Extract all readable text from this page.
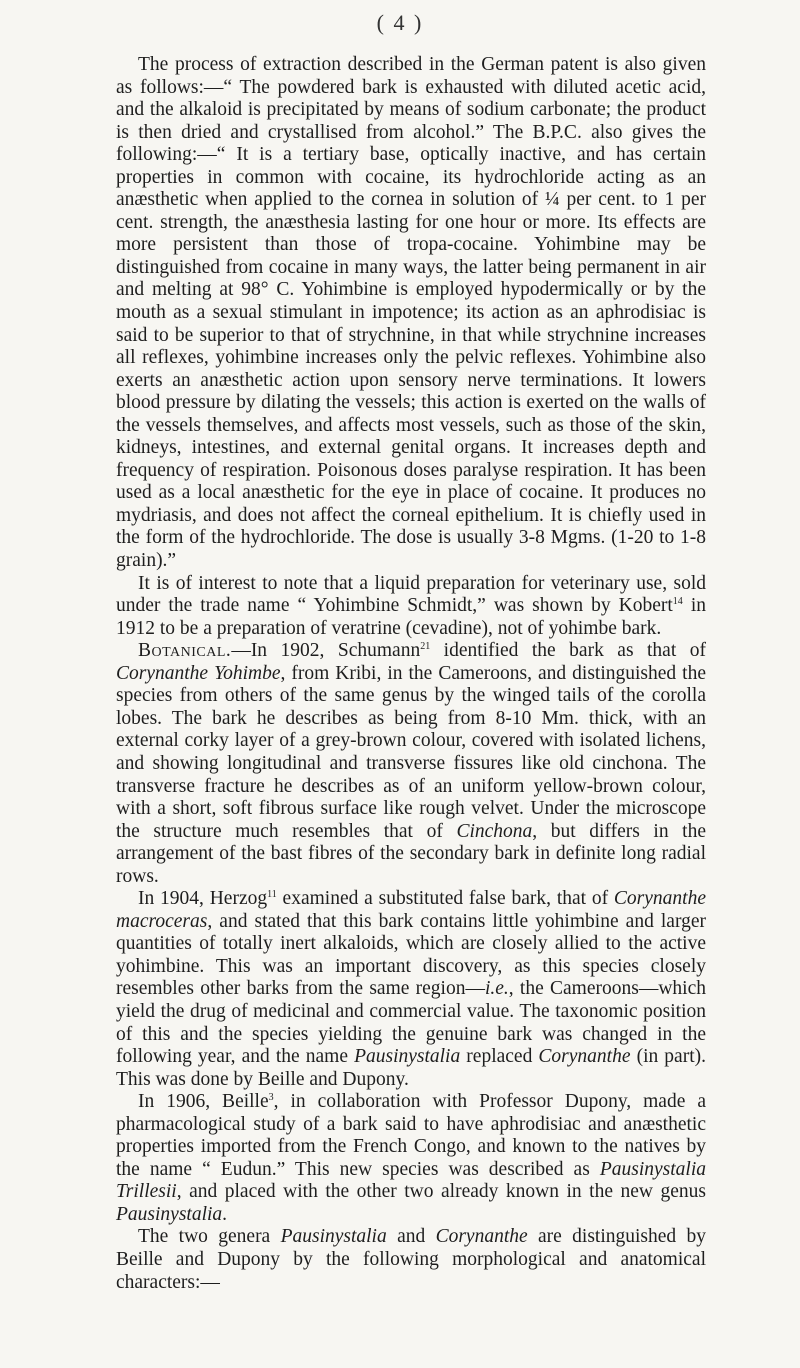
( 4 )

The process of extraction described in the German patent is also given as follows:—“ The powdered bark is exhausted with diluted acetic acid, and the alkaloid is precipitated by means of sodium carbonate; the product is then dried and crystallised from alcohol.” The B.P.C. also gives the following:—“ It is a tertiary base, optically inactive, and has certain properties in common with cocaine, its hydrochloride acting as an anæsthetic when applied to the cornea in solution of ¼ per cent. to 1 per cent. strength, the anæsthesia lasting for one hour or more. Its effects are more persistent than those of tropa-cocaine. Yohimbine may be distinguished from cocaine in many ways, the latter being permanent in air and melting at 98° C. Yohimbine is employed hypodermically or by the mouth as a sexual stimulant in impotence; its action as an aphrodisiac is said to be superior to that of strychnine, in that while strychnine increases all reflexes, yohimbine increases only the pelvic reflexes. Yohimbine also exerts an anæsthetic action upon sensory nerve terminations. It lowers blood pressure by dilating the vessels; this action is exerted on the walls of the vessels themselves, and affects most vessels, such as those of the skin, kidneys, intestines, and external genital organs. It increases depth and frequency of respiration. Poisonous doses paralyse respiration. It has been used as a local anæsthetic for the eye in place of cocaine. It produces no mydriasis, and does not affect the corneal epithelium. It is chiefly used in the form of the hydrochloride. The dose is usually 3-8 Mgms. (1-20 to 1-8 grain).”

It is of interest to note that a liquid preparation for veterinary use, sold under the trade name “ Yohimbine Schmidt,” was shown by Kobert$^{14}$ in 1912 to be a preparation of veratrine (cevadine), not of yohimbe bark.

Botanical.—In 1902, Schumann$^{21}$ identified the bark as that of Corynanthe Yohimbe, from Kribi, in the Cameroons, and distinguished the species from others of the same genus by the winged tails of the corolla lobes. The bark he describes as being from 8-10 Mm. thick, with an external corky layer of a grey-brown colour, covered with isolated lichens, and showing longitudinal and transverse fissures like old cinchona. The transverse fracture he describes as of an uniform yellow-brown colour, with a short, soft fibrous surface like rough velvet. Under the microscope the structure much resembles that of Cinchona, but differs in the arrangement of the bast fibres of the secondary bark in definite long radial rows.

In 1904, Herzog$^{11}$ examined a substituted false bark, that of Corynanthe macroceras, and stated that this bark contains little yohimbine and larger quantities of totally inert alkaloids, which are closely allied to the active yohimbine. This was an important discovery, as this species closely resembles other barks from the same region—i.e., the Cameroons—which yield the drug of medicinal and commercial value. The taxonomic position of this and the species yielding the genuine bark was changed in the following year, and the name Pausinystalia replaced Corynanthe (in part). This was done by Beille and Dupony.

In 1906, Beille$^3$, in collaboration with Professor Dupony, made a pharmacological study of a bark said to have aphrodisiac and anæsthetic properties imported from the French Congo, and known to the natives by the name “ Eudun.” This new species was described as Pausinystalia Trillesii, and placed with the other two already known in the new genus Pausinystalia.

The two genera Pausinystalia and Corynanthe are distinguished by Beille and Dupony by the following morphological and anatomical characters:—
